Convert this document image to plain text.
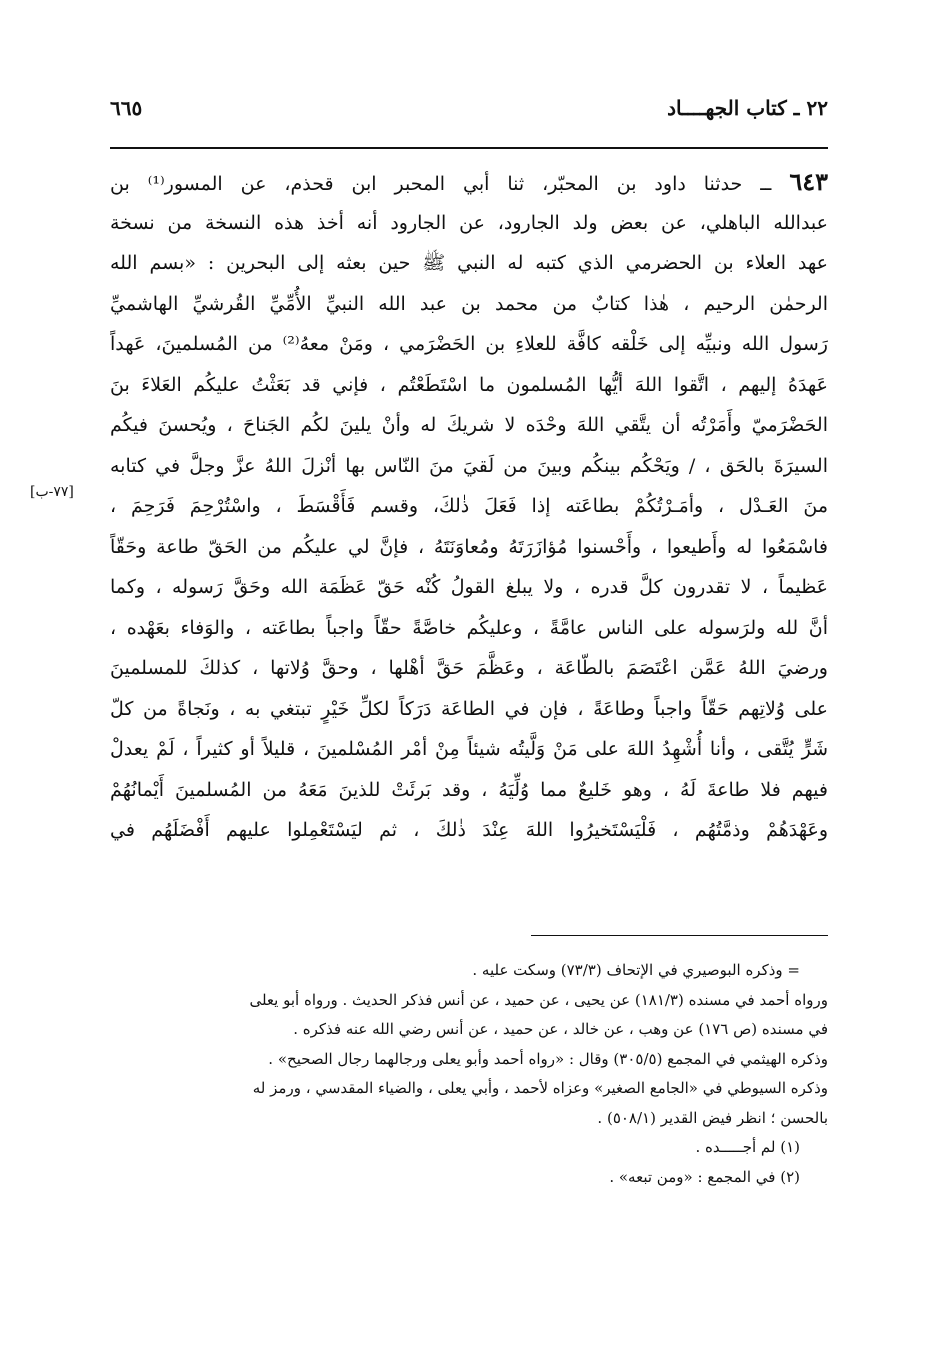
٢٢ ـ كتاب الجهــــاد
٦٦٥
٦٤٣ ــ حدثنا داود بن المحبّر، ثنا أبي المحبر ابن قحذم، عن المسور⁽¹⁾ بن
عبدالله الباهلي، عن بعض ولد الجارود، عن الجارود أنه أخذ هذه النسخة من نسخة
عهد العلاء بن الحضرمي الذي كتبه له النبي ﷺ حين بعثه إلى البحرين : «بسم الله
الرحمٰن الرحيم ، هٰذا كتابٌ من محمد بن عبد الله النبيِّ الأُمِّيِّ القُرشيِّ الهاشميِّ
رَسول الله ونبيِّه إلى خَلْقه كافَّة للعلاءِ بن الحَضْرَمي ، ومَنْ معهُ⁽²⁾ من المُسلمينَ، عَهداً
عَهدَهُ إليهم ، اتَّقوا اللهَ أيُّها المُسلمون ما اسْتَطَعْتُم ، فإني قد بَعَثْتُ عليكُم العَلاءَ بنَ
الحَضْرَميّ وأَمَرْتُه أن يتَّقي اللهَ وحْدَه لا شريكَ له وأنْ يلينَ لكُم الجَناحَ ، ويُحسنَ فيكُم
السيرَةَ بالحَق ، / ويَحْكُم بينكُم وبينَ من لَقيَ منَ النّاس بها أنْزلَ اللهُ عزَّ وجلَّ في كتابه
منَ العَـدْل ، وأمَـرْتُكُمْ بطاعَته إذا فَعَلَ ذٰلكَ، وقسم فَأَقْسَطَ ، واسْتُرْحِمَ فَرَحِمَ ،
فاسْمَعُوا له وأَطيعوا ، وأَحْسنوا مُؤازَرَتَهُ ومُعاوَنَتَهُ ، فإنَّ لي عليكُم من الحَقّ طاعة وحَقّاً
عَظيماً ، لا تقدرون كلَّ قدره ، ولا يبلغ القولُ كُنْه حَقّ عَظَمَة الله وحَقَّ رَسوله ، وكما
أنَّ لله ولرَسوله على الناس عامَّةً ، وعليكُم خاصَّةً حقّاً واجباً بطاعَته ، والوَفاء بعَهْده ،
ورضيَ اللهُ عَمَّن اعْتَصَمَ بالطّاعَة ، وعَظَّمَ حَقَّ أهْلها ، وحقَّ وُلاتها ، كذلكَ للمسلمينَ
على وُلاتِهم حَقّاً واجباً وطاعَةً ، فإن في الطاعَة دَرَكاً لكلِّ خَيْرٍ تبتغي به ، ونَجاةً من كلّ
شَرٍّ يُتَّقى ، وأنا أُشْهِدُ اللهَ على مَنْ وَلَّيتُه شيئاً مِنْ أمْر المُسْلمينَ ، قليلاً أو كثيراً ، لَمْ يعدلْ
فيهم فلا طاعةَ لَهُ ، وهو خَليعٌ مما وُلِّيَهُ ، وقد بَرئَتْ للذينَ مَعَهُ من المُسلمينَ أَيْمانُهُمْ
وعَهْدَهُمْ وذمَّتُهُم ، فَلْيَسْتَخيرُوا اللهَ عِنْدَ ذٰلكَ ، ثم ليَسْتَعْمِلوا عليهم أَفْضَلَهُم في
[٧٧-ب]
= وذكره البوصيري في الإتحاف (٧٣/٣) وسكت عليه .
ورواه أحمد في مسنده (١٨١/٣) عن يحيى ، عن حميد ، عن أنس فذكر الحديث . ورواه أبو يعلى
في مسنده (ص ١٧٦) عن وهب ، عن خالد ، عن حميد ، عن أنس رضي الله عنه فذكره .
وذكره الهيثمي في المجمع (٣٠٥/٥) وقال : «رواه أحمد وأبو يعلى ورجالهما رجال الصحيح» .
وذكره السيوطي في «الجامع الصغير» وعزاه لأحمد ، وأبي يعلى ، والضياء المقدسي ، ورمز له
بالحسن ؛ انظر فيض القدير (٥٠٨/١) .
(١) لم أجـــــده .
(٢) في المجمع : «ومن تبعه» .
